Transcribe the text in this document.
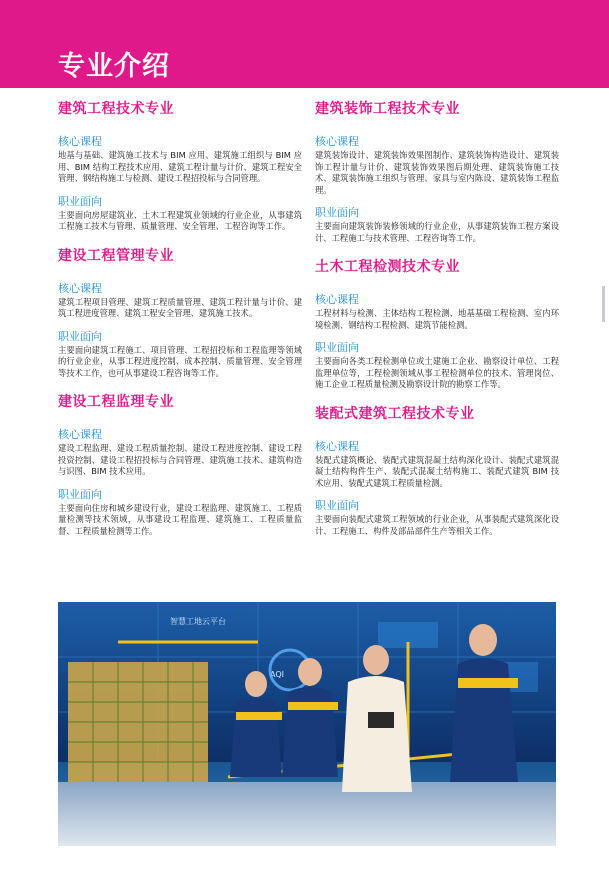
专业介绍
建筑工程技术专业
核心课程
地基与基础、建筑施工技术与 BIM 应用、建筑施工组织与 BIM 应用、BIM 结构工程技术应用、建筑工程计量与计价、建筑工程安全管理、钢结构施工与检测、建设工程招投标与合同管理。
职业面向
主要面向房屋建筑业、土木工程建筑业领域的行业企业，从事建筑工程施工技术与管理、质量管理、安全管理、工程咨询等工作。
建设工程管理专业
核心课程
建筑工程项目管理、建筑工程质量管理、建筑工程计量与计价、建筑工程进度管理、建筑工程安全管理、建筑施工技术。
职业面向
主要面向建筑工程施工、项目管理、工程招投标和工程监理等领域的行业企业，从事工程进度控制、成本控制、质量管理、安全管理等技术工作，也可从事建设工程咨询等工作。
建设工程监理专业
核心课程
建设工程监理、建设工程质量控制、建设工程进度控制、建设工程投资控制、建设工程招投标与合同管理、建筑施工技术、建筑构造与识图、BIM 技术应用。
职业面向
主要面向住房和城乡建设行业，建设工程监理、建筑施工、工程质量检测等技术领域，从事建设工程监理、建筑施工、工程质量监督、工程质量检测等工作。
建筑装饰工程技术专业
核心课程
建筑装饰设计、建筑装饰效果图制作、建筑装饰构造设计、建筑装饰工程计量与计价、建筑装饰效果图后期处理、建筑装饰施工技术、建筑装饰施工组织与管理、家具与室内陈设、建筑装饰工程监理。
职业面向
主要面向建筑装饰装修领域的行业企业，从事建筑装饰工程方案设计、工程施工与技术管理、工程咨询等工作。
土木工程检测技术专业
核心课程
工程材料与检测、主体结构工程检测、地基基础工程检测、室内环境检测、钢结构工程检测、建筑节能检测。
职业面向
主要面向各类工程检测单位或土建施工企业、勘察设计单位、工程监理单位等，工程检测领域从事工程检测单位的技术、管理岗位、施工企业工程质量检测及勘察设计院的勘察工作等。
装配式建筑工程技术专业
核心课程
装配式建筑概论、装配式建筑混凝土结构深化设计、装配式建筑混凝土结构构件生产、装配式混凝土结构施工、装配式建筑 BIM 技术应用、装配式建筑工程质量检测。
职业面向
主要面向装配式建筑工程领域的行业企业，从事装配式建筑深化设计、工程施工、构件及部品部件生产等相关工作。
智慧工地云平台
AQI
